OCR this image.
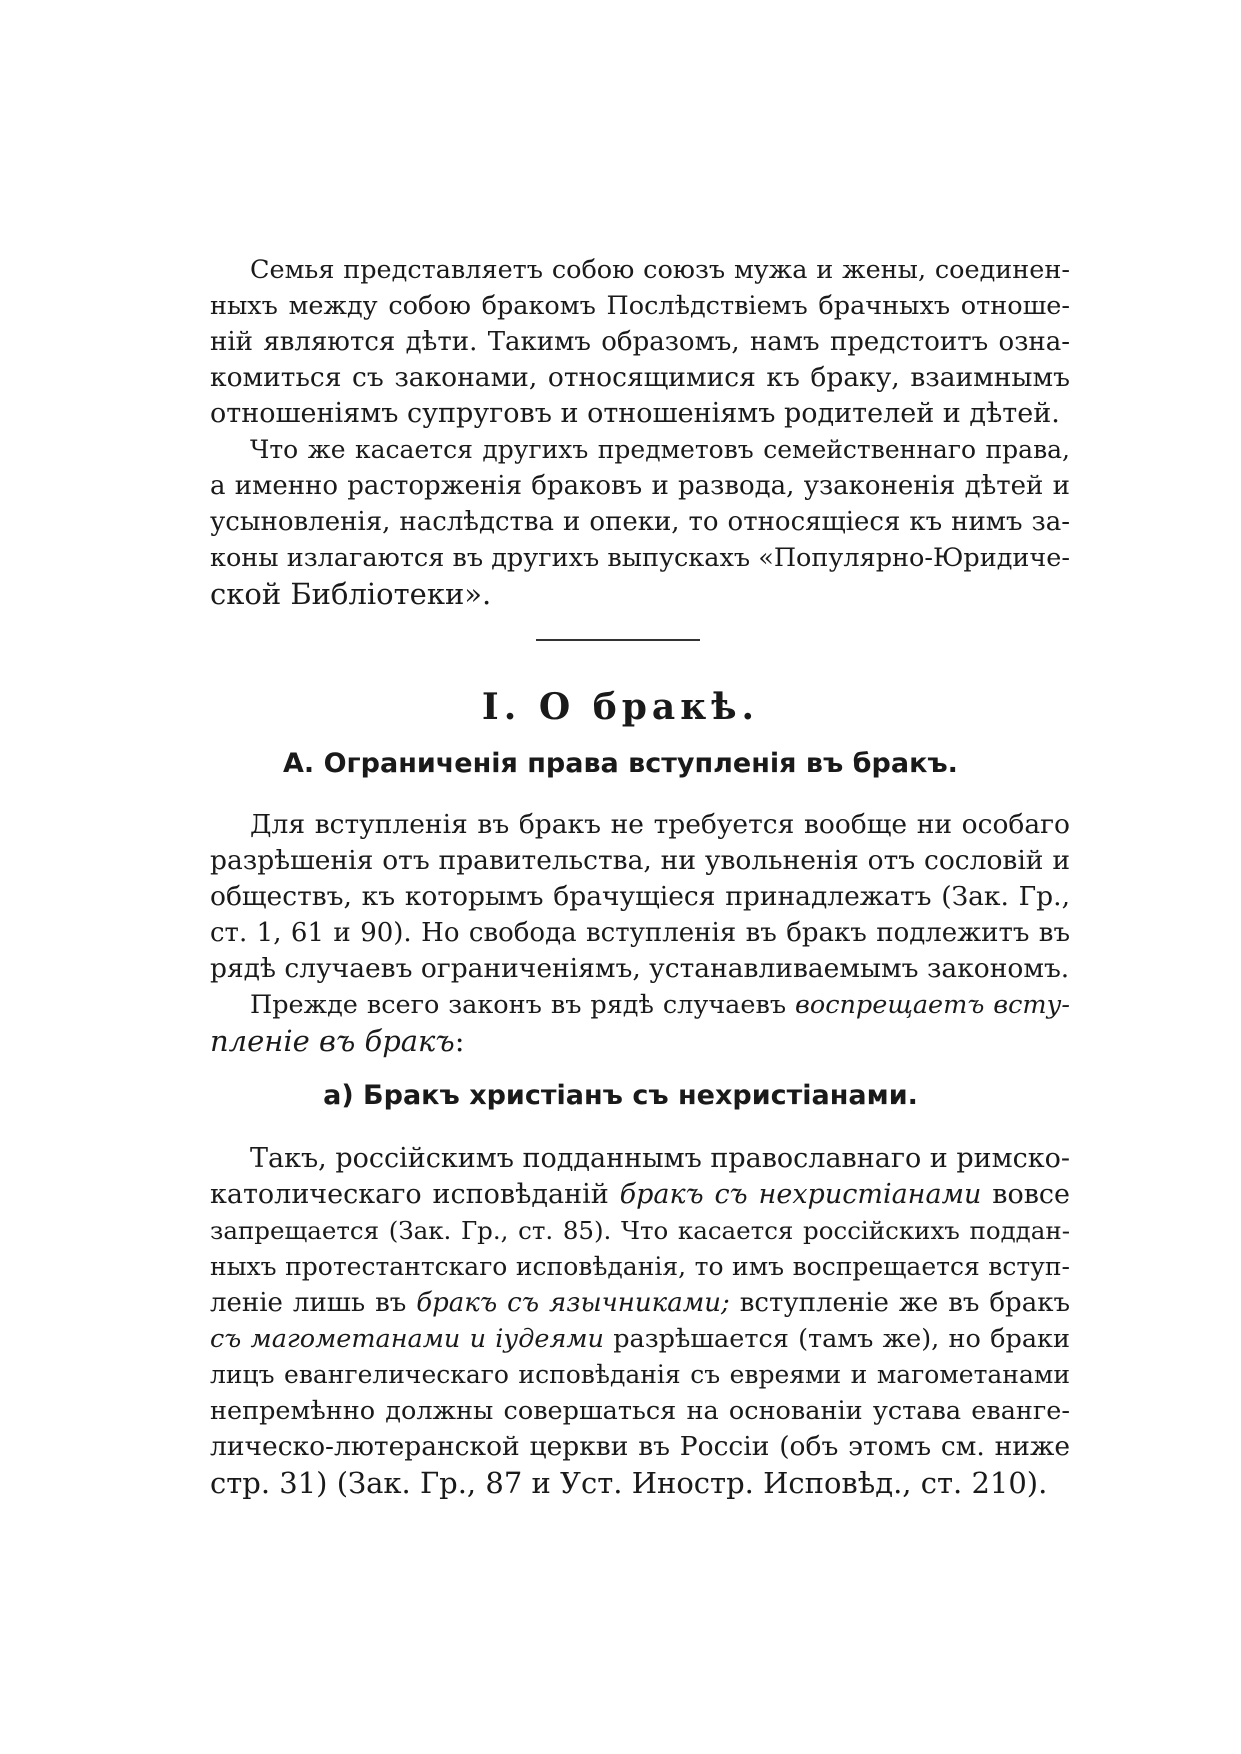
Семья представляетъ собою союзъ мужа и жены, соединен-
ныхъ между собою бракомъ Послѣдствіемъ брачныхъ отноше-
ній являются дѣти. Такимъ образомъ, намъ предстоитъ озна-
комиться съ законами, относящимися къ браку, взаимнымъ
отношеніямъ супруговъ и отношеніямъ родителей и дѣтей.
Что же касается другихъ предметовъ семейственнаго права,
а именно расторженія браковъ и развода, узаконенія дѣтей и
усыновленія, наслѣдства и опеки, то относящіеся къ нимъ за-
коны излагаются въ другихъ выпускахъ «Популярно-Юридиче-
ской Библіотеки».
I. О бракѣ.
А. Ограниченія права вступленія въ бракъ.
Для вступленія въ бракъ не требуется вообще ни особаго
разрѣшенія отъ правительства, ни увольненія отъ сословій и
обществъ, къ которымъ брачущіеся принадлежатъ (Зак. Гр.,
ст. 1, 61 и 90). Но свобода вступленія въ бракъ подлежитъ въ
рядѣ случаевъ ограниченіямъ, устанавливаемымъ закономъ.
Прежде всего законъ въ рядѣ случаевъ воспрещаетъ всту-
пленіе въ бракъ:
а) Бракъ христіанъ съ нехристіанами.
Такъ, россійскимъ подданнымъ православнаго и римско-
католическаго исповѣданій бракъ съ нехристіанами вовсе
запрещается (Зак. Гр., ст. 85). Что касается россійскихъ поддан-
ныхъ протестантскаго исповѣданія, то имъ воспрещается вступ-
леніе лишь въ бракъ съ язычниками; вступленіе же въ бракъ
съ магометанами и іудеями разрѣшается (тамъ же), но браки
лицъ евангелическаго исповѣданія съ евреями и магометанами
непремѣнно должны совершаться на основаніи устава еванге-
лическо-лютеранской церкви въ Россіи (объ этомъ см. ниже
стр. 31) (Зак. Гр., 87 и Уст. Иностр. Исповѣд., ст. 210).
